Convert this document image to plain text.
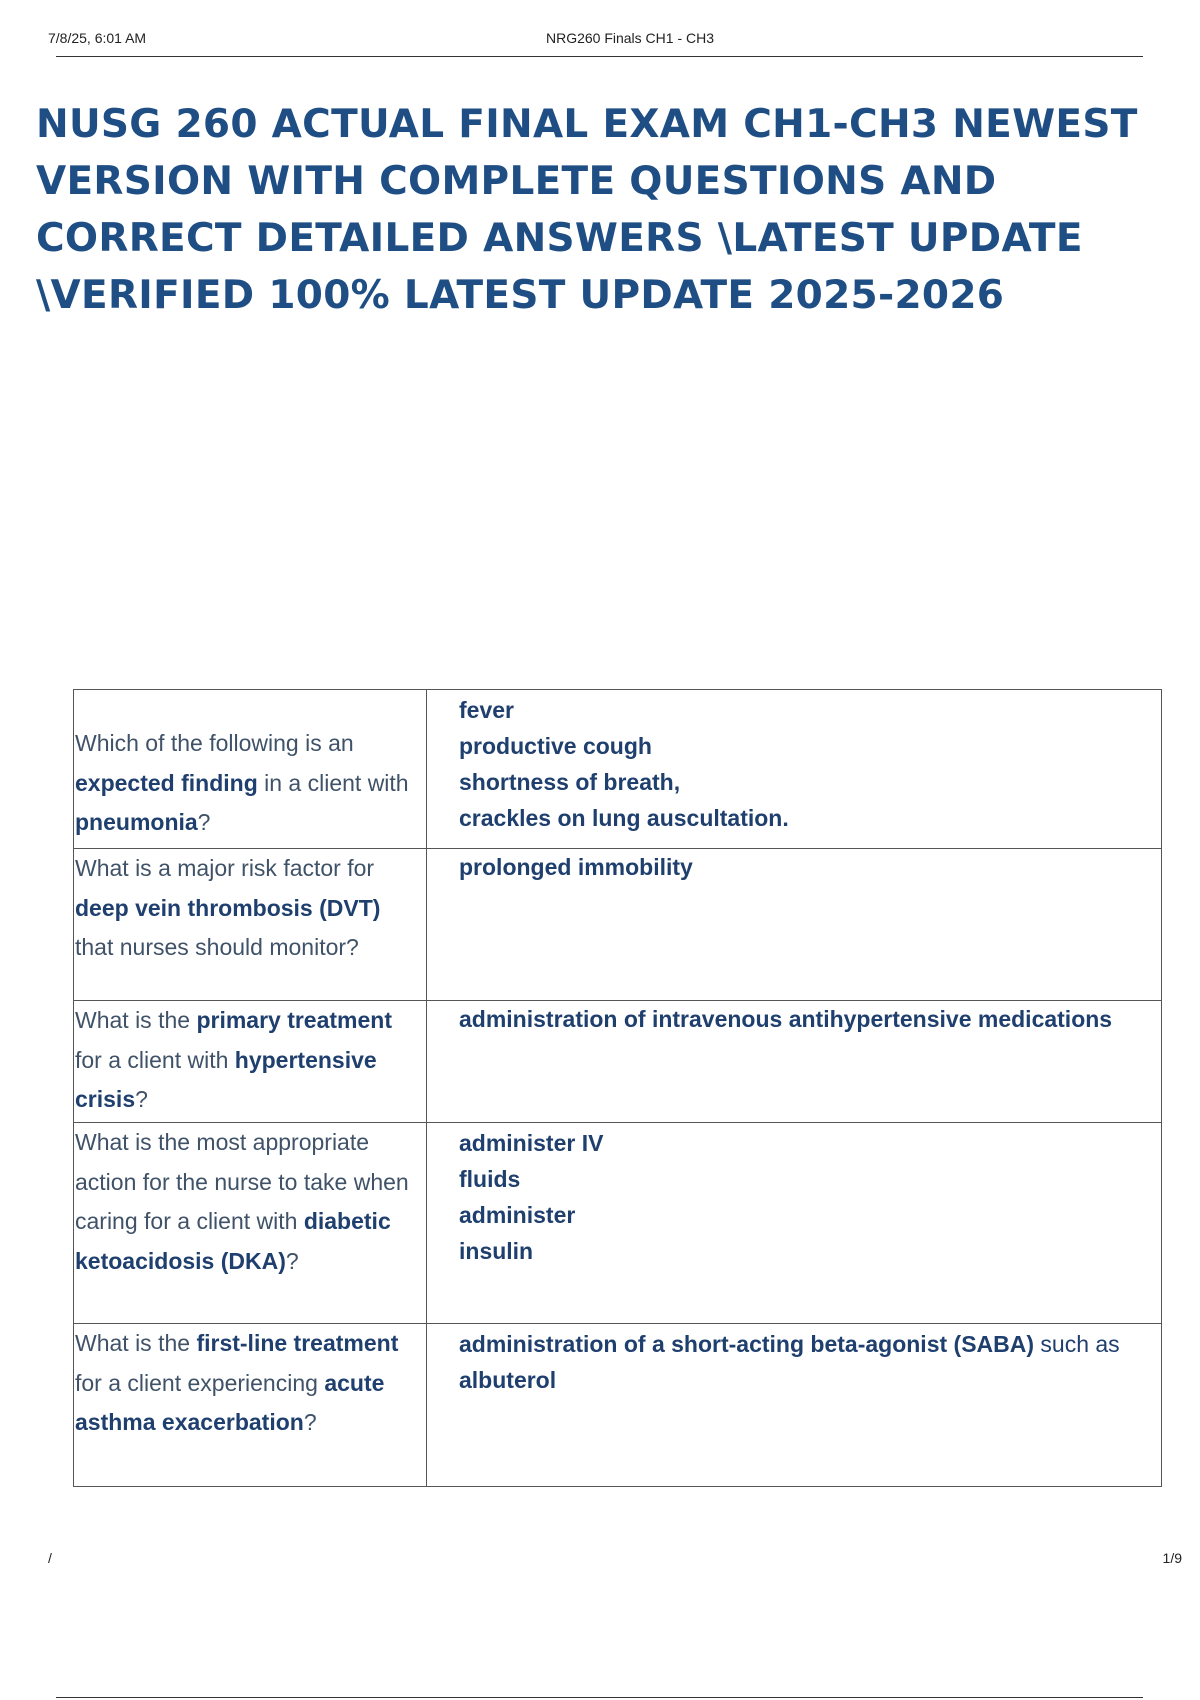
7/8/25, 6:01 AM	NRG260 Finals CH1 - CH3
NUSG 260 ACTUAL FINAL EXAM CH1-CH3 NEWEST VERSION WITH COMPLETE QUESTIONS AND CORRECT DETAILED ANSWERS \LATEST UPDATE \VERIFIED 100% LATEST UPDATE 2025-2026
Which of the following is an expected finding in a client with pneumonia?	fever
productive cough
shortness of breath,
crackles on lung auscultation.

What is a major risk factor for deep vein thrombosis (DVT) that nurses should monitor?	prolonged immobility

What is the primary treatment for a client with hypertensive crisis?	administration of intravenous antihypertensive medications

What is the most appropriate action for the nurse to take when caring for a client with diabetic ketoacidosis (DKA)?	administer IV
fluids
administer
insulin

What is the first-line treatment for a client experiencing acute asthma exacerbation?	administration of a short-acting beta-agonist (SABA) such as
albuterol
/	1/9
